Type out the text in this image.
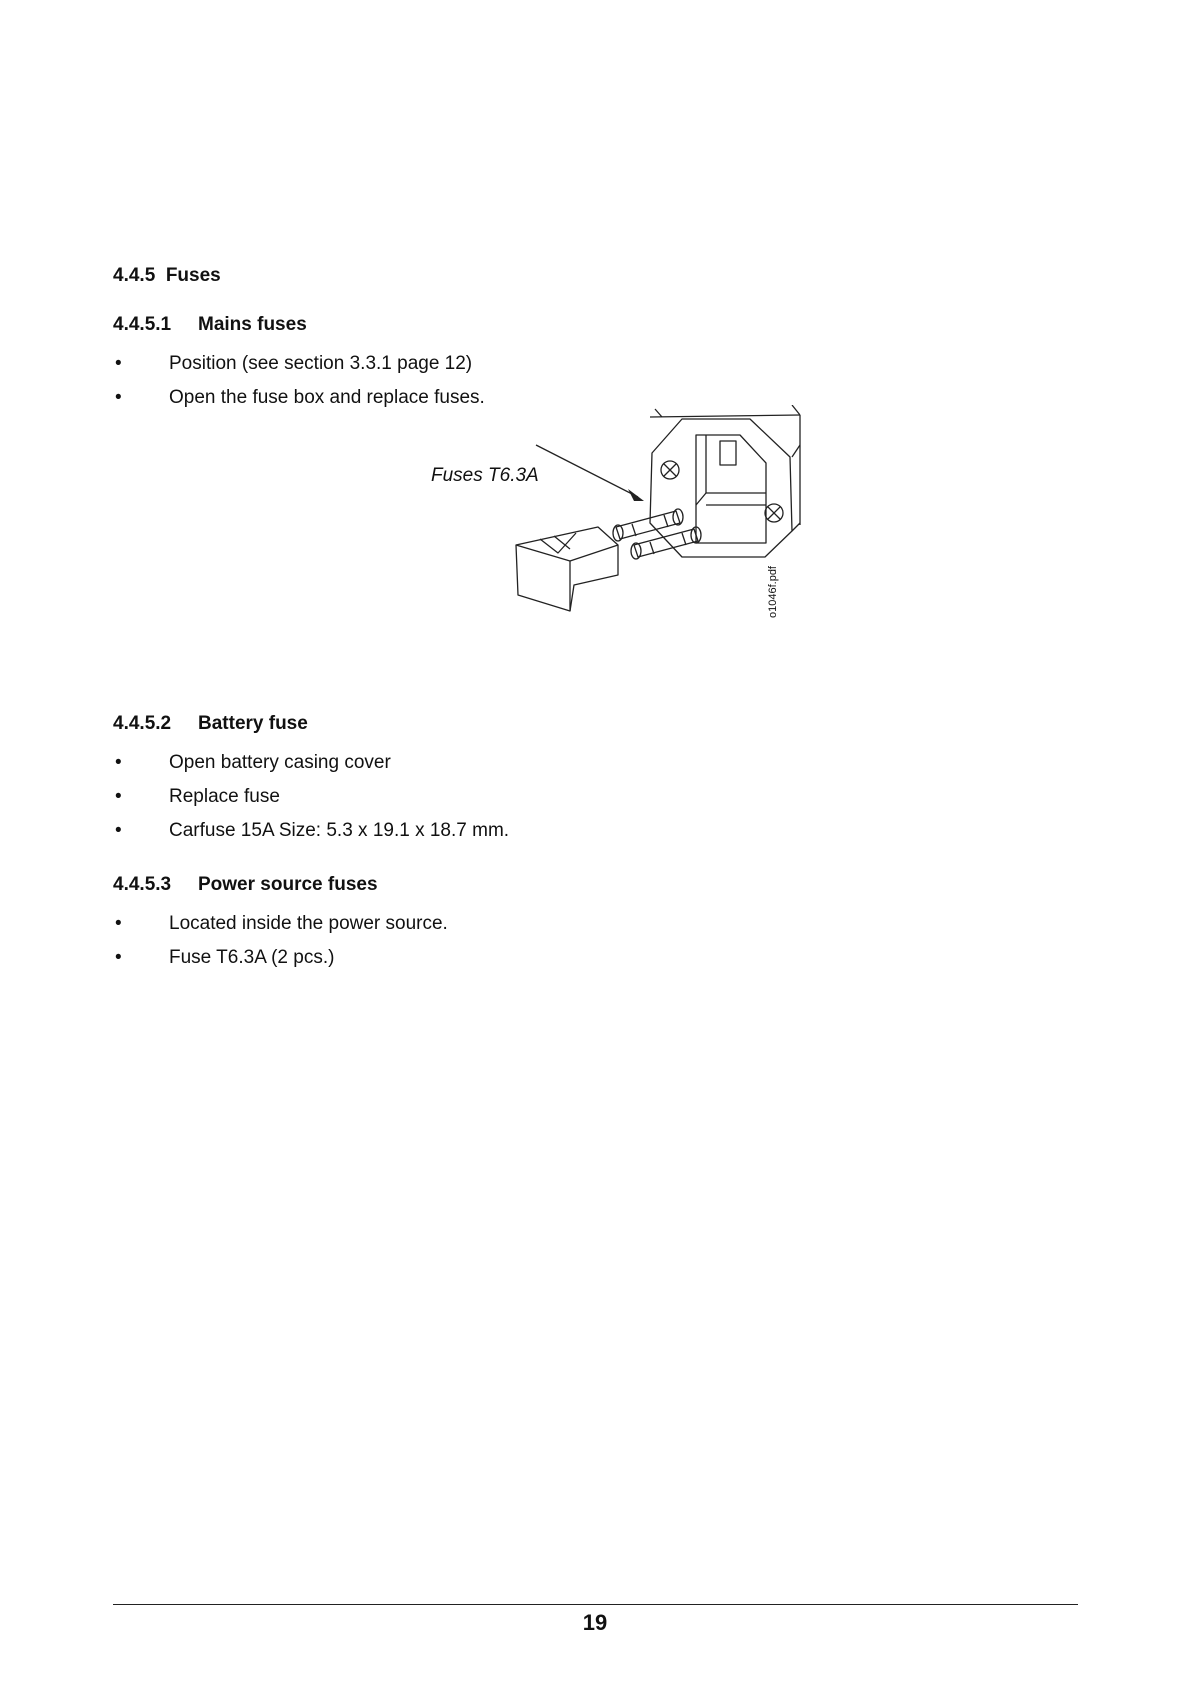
4.4.5 Fuses
4.4.5.1 Mains fuses
• Position (see section 3.3.1 page 12)
• Open the fuse box and replace fuses.
Fuses T6.3A
o1046f.pdf
4.4.5.2 Battery fuse
• Open battery casing cover
• Replace fuse
• Carfuse 15A Size: 5.3 x 19.1 x 18.7 mm.
4.4.5.3 Power source fuses
• Located inside the power source.
• Fuse T6.3A (2 pcs.)
19
